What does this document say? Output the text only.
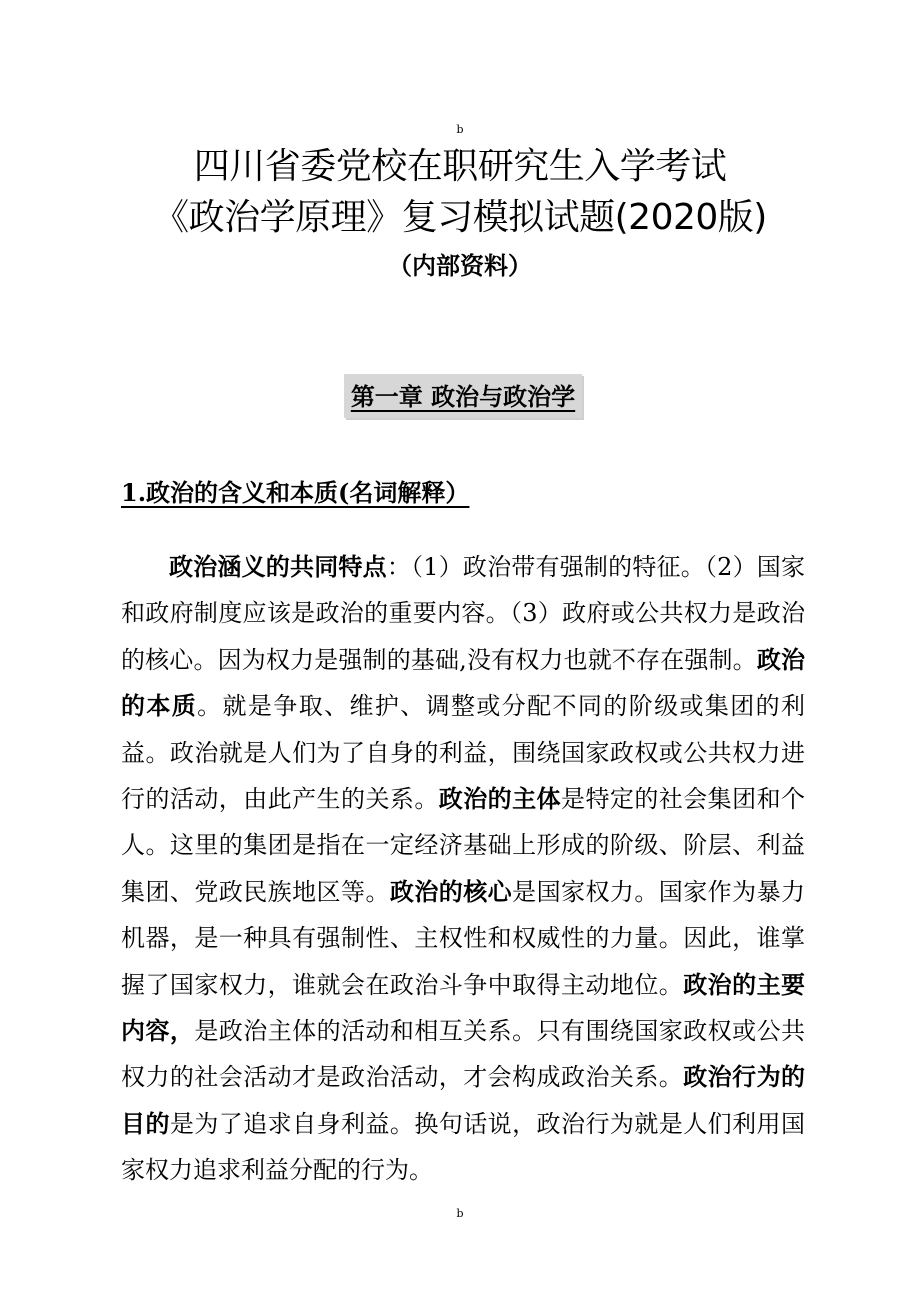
b
四川省委党校在职研究生入学考试
《政治学原理》复习模拟试题(2020版)
（内部资料）
第一章 政治与政治学
1.政治的含义和本质(名词解释）

政治涵义的共同特点：（1）政治带有强制的特征。（2）国家和政府制度应该是政治的重要内容。（3）政府或公共权力是政治的核心。因为权力是强制的基础,没有权力也就不存在强制。政治的本质。就是争取、维护、调整或分配不同的阶级或集团的利益。政治就是人们为了自身的利益，围绕国家政权或公共权力进行的活动，由此产生的关系。政治的主体是特定的社会集团和个人。这里的集团是指在一定经济基础上形成的阶级、阶层、利益集团、党政民族地区等。政治的核心是国家权力。国家作为暴力机器，是一种具有强制性、主权性和权威性的力量。因此，谁掌握了国家权力，谁就会在政治斗争中取得主动地位。政治的主要内容，是政治主体的活动和相互关系。只有围绕国家政权或公共权力的社会活动才是政治活动，才会构成政治关系。政治行为的目的是为了追求自身利益。换句话说，政治行为就是人们利用国家权力追求利益分配的行为。

b
